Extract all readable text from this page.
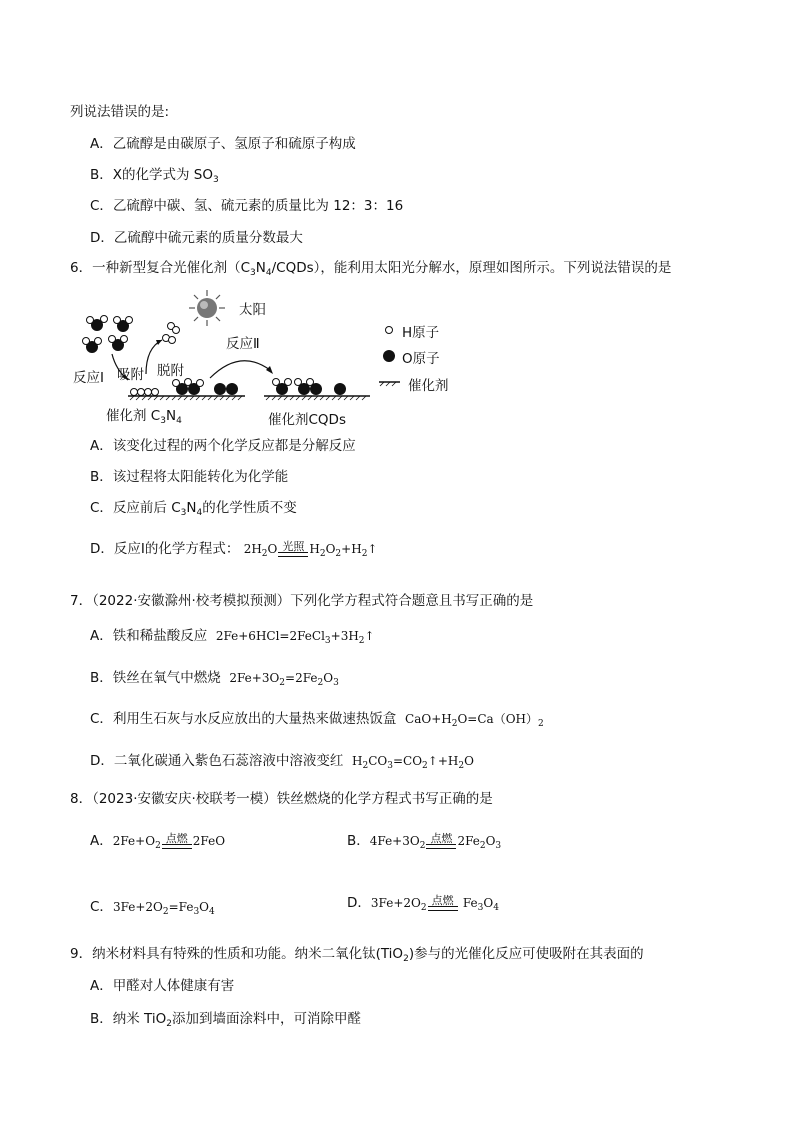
列说法错误的是:
A．乙硫醇是由碳原子、氢原子和硫原子构成
B．X的化学式为 $SO_3$
C．乙硫醇中碳、氢、硫元素的质量比为 12：3：16
D．乙硫醇中硫元素的质量分数最大
6．一种新型复合光催化剂$(C_3N_4/CQDs)$，能利用太阳光分解水，原理如图所示。下列说法错误的是
太阳
反应Ⅱ
脱附
吸附
反应Ⅰ
催化剂 $C_3N_4$	催化剂CQDs
H原子
O原子
催化剂
A．该变化过程的两个化学反应都是分解反应
B．该过程将太阳能转化为化学能
C．反应前后 $C_3N_4$的化学性质不变
D．反应Ⅰ的化学方程式： $2H_2O$ 光照 $H_2O_2+H_2↑$
7．（2022·安徽滁州·校考模拟预测）下列化学方程式符合题意且书写正确的是
A．铁和稀盐酸反应 $2Fe+6HCl=2FeCl_3+3H_2↑$
B．铁丝在氧气中燃烧 $2Fe+3O_2=2Fe_2O_3$
C．利用生石灰与水反应放出的大量热来做速热饭盒 $CaO+H_2O=Ca(OH)_2$
D．二氧化碳通入紫色石蕊溶液中溶液变红 $H_2CO_3=CO_2↑+H_2O$
8．（2023·安徽安庆·校联考一模）铁丝燃烧的化学方程式书写正确的是
A．$2Fe+O_2$
点燃 2FeO	B．$4Fe+3O_2$
点燃 $2Fe_2O_3$
C．$3Fe+2O_2=Fe_3O_4$
D．$3Fe+2O_2$
点燃 $Fe_3O_4$
9．纳米材料具有特殊的性质和功能。纳米二氧化钛(TiO$_2$)参与的光催化反应可使吸附在其表面的
A．甲醛对人体健康有害
B．纳米 TiO$_2$添加到墙面涂料中，可消除甲醛
